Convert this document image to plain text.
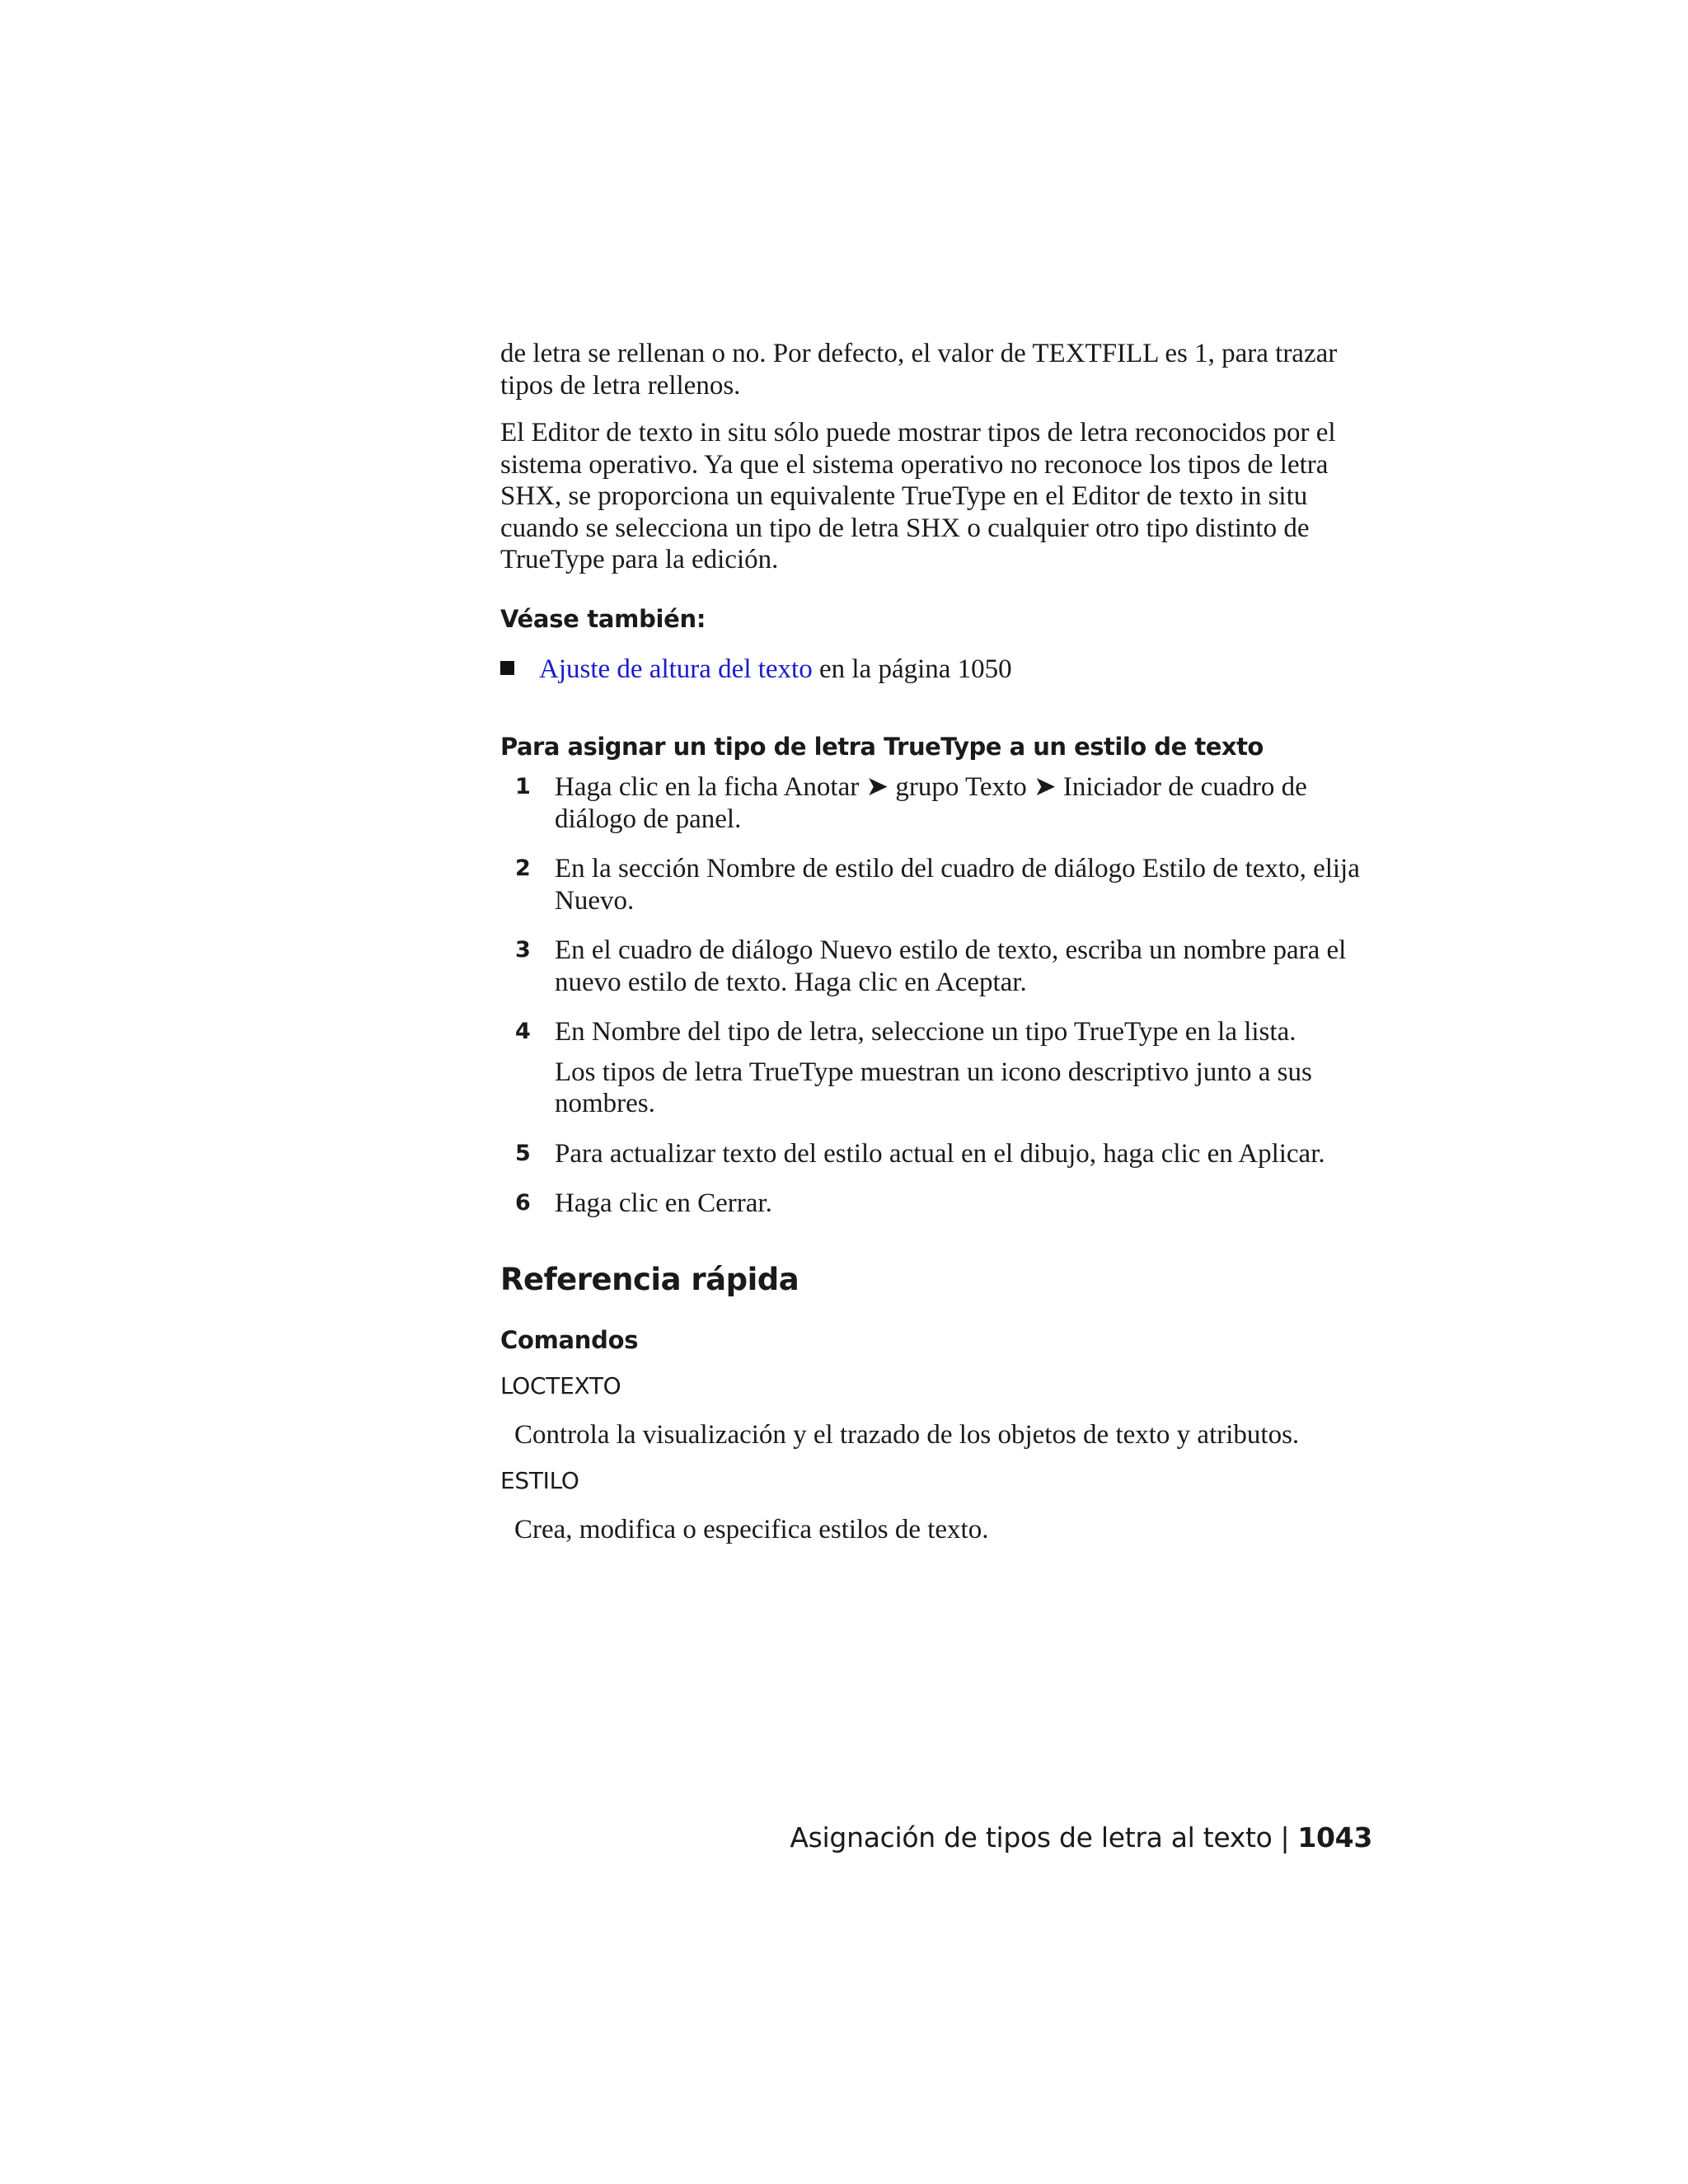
de letra se rellenan o no. Por defecto, el valor de TEXTFILL es 1, para trazar tipos de letra rellenos.

El Editor de texto in situ sólo puede mostrar tipos de letra reconocidos por el sistema operativo. Ya que el sistema operativo no reconoce los tipos de letra SHX, se proporciona un equivalente TrueType en el Editor de texto in situ cuando se selecciona un tipo de letra SHX o cualquier otro tipo distinto de TrueType para la edición.

Véase también:
Ajuste de altura del texto en la página 1050
Para asignar un tipo de letra TrueType a un estilo de texto
1 Haga clic en la ficha Anotar ➤ grupo Texto ➤ Iniciador de cuadro de diálogo de panel.
2 En la sección Nombre de estilo del cuadro de diálogo Estilo de texto, elija Nuevo.
3 En el cuadro de diálogo Nuevo estilo de texto, escriba un nombre para el nuevo estilo de texto. Haga clic en Aceptar.
4 En Nombre del tipo de letra, seleccione un tipo TrueType en la lista.
Los tipos de letra TrueType muestran un icono descriptivo junto a sus nombres.
5 Para actualizar texto del estilo actual en el dibujo, haga clic en Aplicar.
6 Haga clic en Cerrar.
Referencia rápida
Comandos
LOCTEXTO
Controla la visualización y el trazado de los objetos de texto y atributos.
ESTILO
Crea, modifica o especifica estilos de texto.
Asignación de tipos de letra al texto | 1043
